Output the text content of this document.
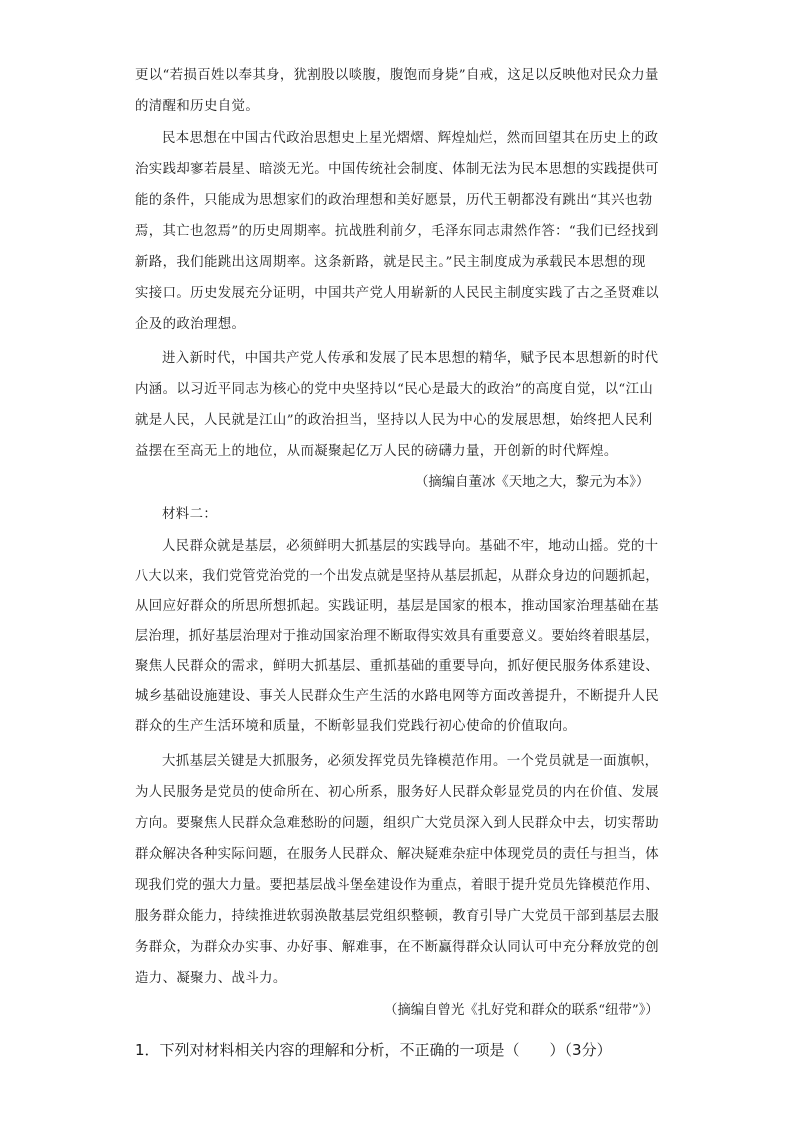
更以“若损百姓以奉其身，犹割股以啖腹，腹饱而身毙”自戒，这足以反映他对民众力量
的清醒和历史自觉。
民本思想在中国古代政治思想史上星光熠熠、辉煌灿烂，然而回望其在历史上的政
治实践却寥若晨星、暗淡无光。中国传统社会制度、体制无法为民本思想的实践提供可
能的条件，只能成为思想家们的政治理想和美好愿景，历代王朝都没有跳出“其兴也勃
焉，其亡也忽焉”的历史周期率。抗战胜利前夕，毛泽东同志肃然作答：“我们已经找到
新路，我们能跳出这周期率。这条新路，就是民主。”民主制度成为承载民本思想的现
实接口。历史发展充分证明，中国共产党人用崭新的人民民主制度实践了古之圣贤难以
企及的政治理想。
进入新时代，中国共产党人传承和发展了民本思想的精华，赋予民本思想新的时代
内涵。以习近平同志为核心的党中央坚持以“民心是最大的政治”的高度自觉，以“江山
就是人民，人民就是江山”的政治担当，坚持以人民为中心的发展思想，始终把人民利
益摆在至高无上的地位，从而凝聚起亿万人民的磅礴力量，开创新的时代辉煌。
（摘编自董冰《天地之大，黎元为本》）
材料二：
人民群众就是基层，必须鲜明大抓基层的实践导向。基础不牢，地动山摇。党的十
八大以来，我们党管党治党的一个出发点就是坚持从基层抓起，从群众身边的问题抓起，
从回应好群众的所思所想抓起。实践证明，基层是国家的根本，推动国家治理基础在基
层治理，抓好基层治理对于推动国家治理不断取得实效具有重要意义。要始终着眼基层，
聚焦人民群众的需求，鲜明大抓基层、重抓基础的重要导向，抓好便民服务体系建设、
城乡基础设施建设、事关人民群众生产生活的水路电网等方面改善提升，不断提升人民
群众的生产生活环境和质量，不断彰显我们党践行初心使命的价值取向。
大抓基层关键是大抓服务，必须发挥党员先锋模范作用。一个党员就是一面旗帜，
为人民服务是党员的使命所在、初心所系，服务好人民群众彰显党员的内在价值、发展
方向。要聚焦人民群众急难愁盼的问题，组织广大党员深入到人民群众中去，切实帮助
群众解决各种实际问题，在服务人民群众、解决疑难杂症中体现党员的责任与担当，体
现我们党的强大力量。要把基层战斗堡垒建设作为重点，着眼于提升党员先锋模范作用、
服务群众能力，持续推进软弱涣散基层党组织整顿，教育引导广大党员干部到基层去服
务群众，为群众办实事、办好事、解难事，在不断赢得群众认同认可中充分释放党的创
造力、凝聚力、战斗力。
（摘编自曾光《扎好党和群众的联系“纽带”》）
1．下列对材料相关内容的理解和分析，不正确的一项是（　　）（3分）
